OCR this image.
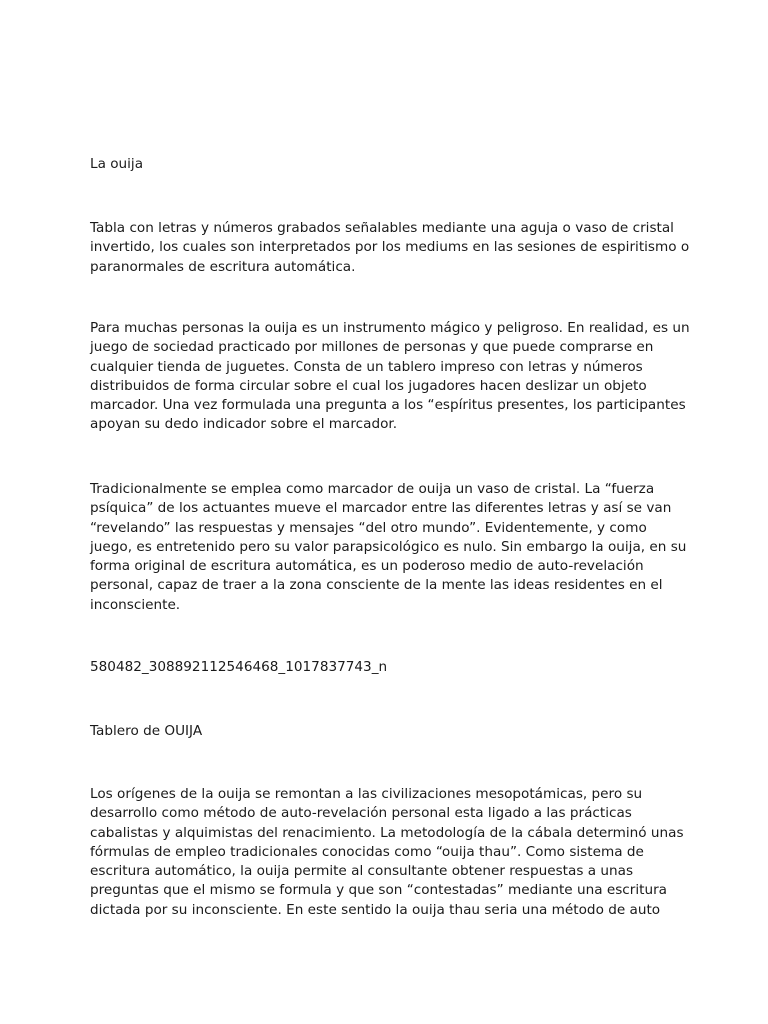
La ouija

Tabla con letras y números grabados señalables mediante una aguja o vaso de cristal invertido, los cuales son interpretados por los mediums en las sesiones de espiritismo o paranormales de escritura automática.

Para muchas personas la ouija es un instrumento mágico y peligroso. En realidad, es un juego de sociedad practicado por millones de personas y que puede comprarse en cualquier tienda de juguetes. Consta de un tablero impreso con letras y números distribuidos de forma circular sobre el cual los jugadores hacen deslizar un objeto marcador. Una vez formulada una pregunta a los “espíritus presentes, los participantes apoyan su dedo indicador sobre el marcador.

Tradicionalmente se emplea como marcador de ouija un vaso de cristal. La “fuerza psíquica” de los actuantes mueve el marcador entre las diferentes letras y así se van “revelando” las respuestas y mensajes “del otro mundo”. Evidentemente, y como juego, es entretenido pero su valor parapsicológico es nulo. Sin embargo la ouija, en su forma original de escritura automática, es un poderoso medio de auto-revelación personal, capaz de traer a la zona consciente de la mente las ideas residentes en el inconsciente.

580482_308892112546468_1017837743_n

Tablero de OUIJA

Los orígenes de la ouija se remontan a las civilizaciones mesopotámicas, pero su desarrollo como método de auto-revelación personal esta ligado a las prácticas cabalistas y alquimistas del renacimiento. La metodología de la cábala determinó unas fórmulas de empleo tradicionales conocidas como “ouija thau”. Como sistema de escritura automático, la ouija permite al consultante obtener respuestas a unas preguntas que el mismo se formula y que son “contestadas” mediante una escritura dictada por su inconsciente. En este sentido la ouija thau seria una método de auto
